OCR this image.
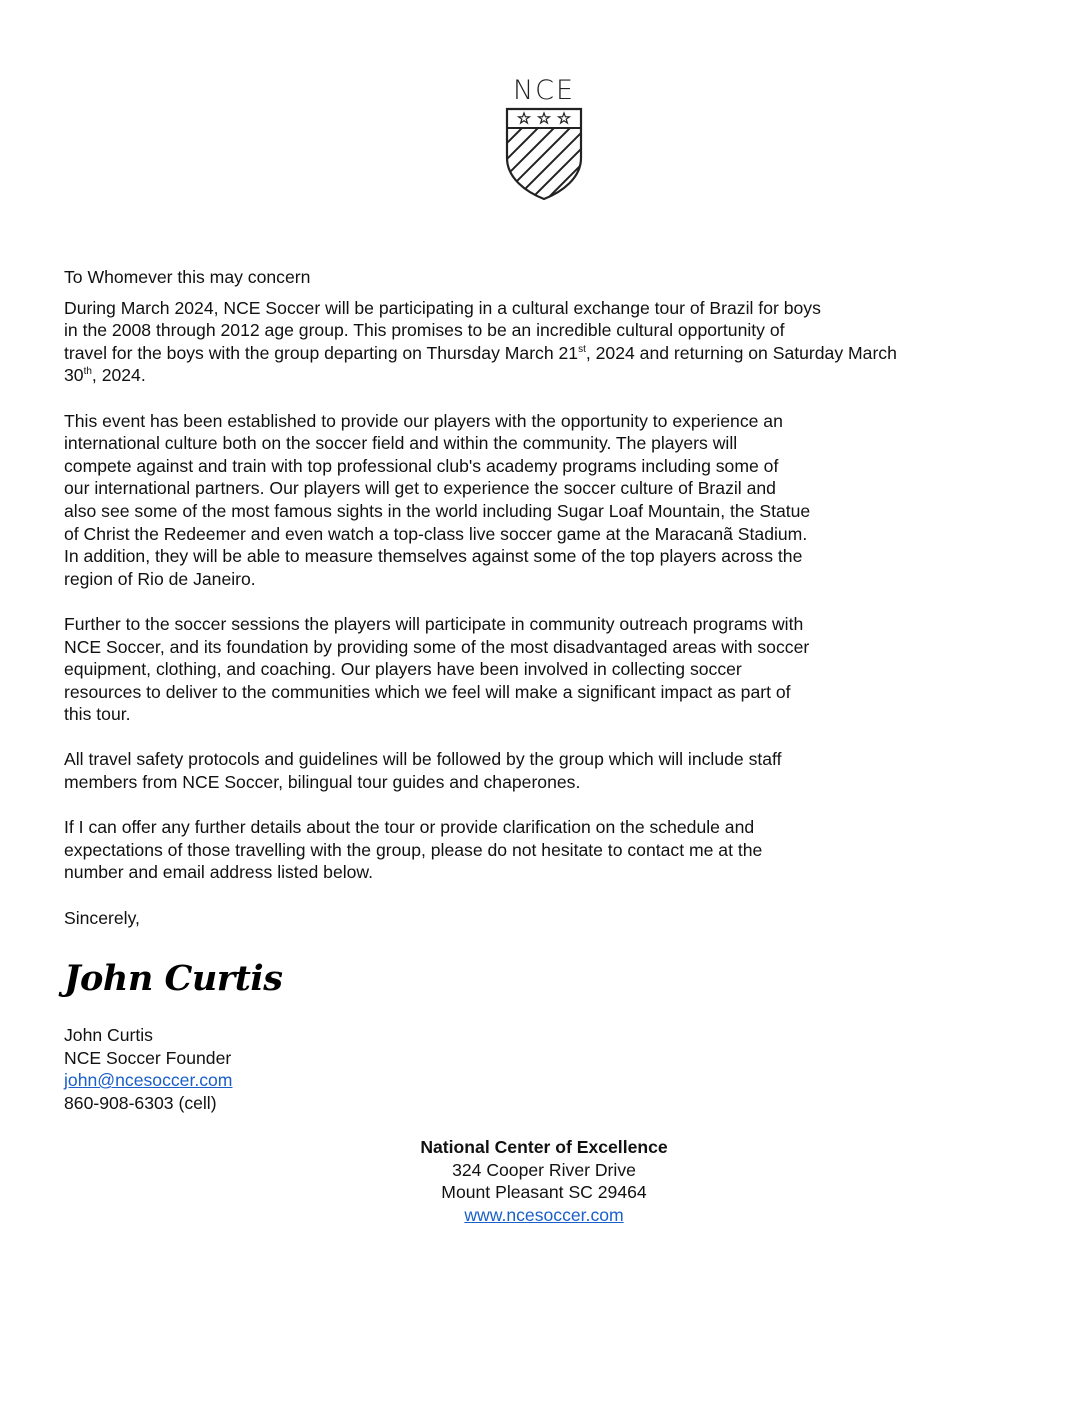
NCE
To Whomever this may concern
During March 2024, NCE Soccer will be participating in a cultural exchange tour of Brazil for boys
in the 2008 through 2012 age group. This promises to be an incredible cultural opportunity of
travel for the boys with the group departing on Thursday March 21st, 2024 and returning on Saturday March
30th, 2024.
This event has been established to provide our players with the opportunity to experience an
international culture both on the soccer field and within the community. The players will
compete against and train with top professional club's academy programs including some of
our international partners. Our players will get to experience the soccer culture of Brazil and
also see some of the most famous sights in the world including Sugar Loaf Mountain, the Statue
of Christ the Redeemer and even watch a top-class live soccer game at the Maracanã Stadium.
In addition, they will be able to measure themselves against some of the top players across the
region of Rio de Janeiro.
Further to the soccer sessions the players will participate in community outreach programs with
NCE Soccer, and its foundation by providing some of the most disadvantaged areas with soccer
equipment, clothing, and coaching. Our players have been involved in collecting soccer
resources to deliver to the communities which we feel will make a significant impact as part of
this tour.
All travel safety protocols and guidelines will be followed by the group which will include staff
members from NCE Soccer, bilingual tour guides and chaperones.
If I can offer any further details about the tour or provide clarification on the schedule and
expectations of those travelling with the group, please do not hesitate to contact me at the
number and email address listed below.
Sincerely,
John Curtis
John Curtis
NCE Soccer Founder
john@ncesoccer.com
860-908-6303 (cell)
National Center of Excellence
324 Cooper River Drive
Mount Pleasant SC 29464
www.ncesoccer.com
